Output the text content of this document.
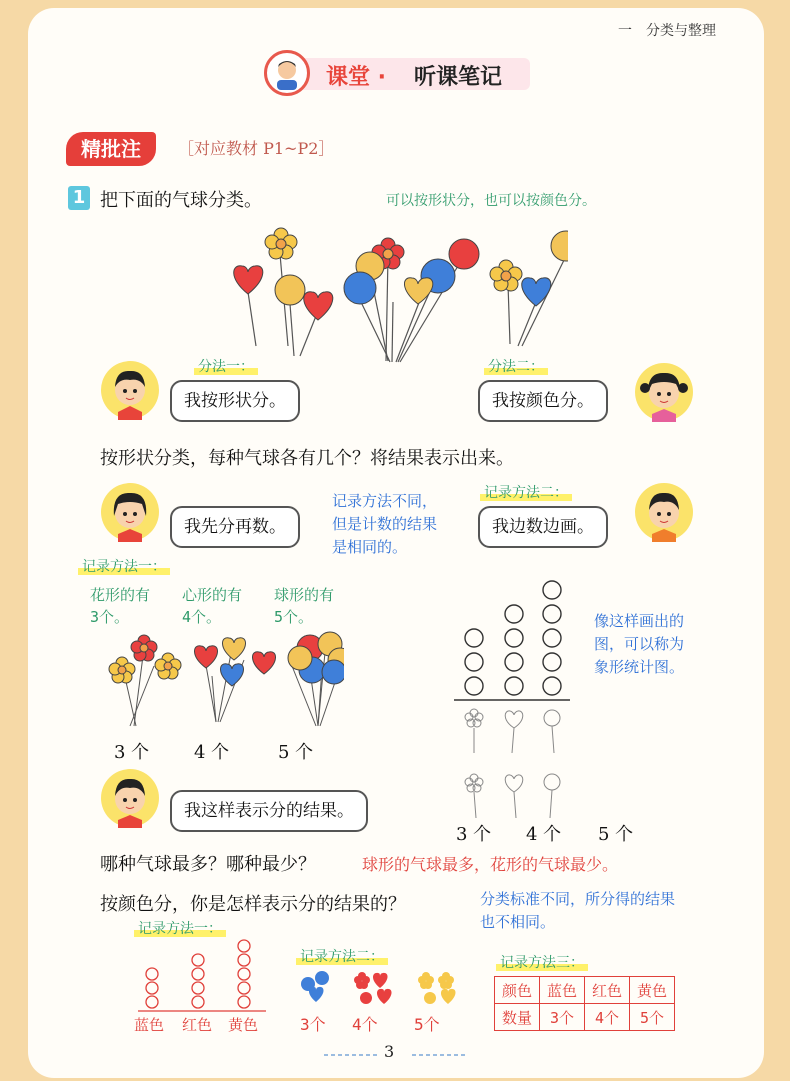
一　分类与整理
课堂 · 听课笔记
精批注	［对应教材 P1~P2］
1 把下面的气球分类。	可以按形状分，也可以按颜色分。
分法一：
我按形状分。
分法二：
我按颜色分。
按形状分类，每种气球各有几个？将结果表示出来。
我先分再数。
记录方法不同，
但是计数的结果
是相同的。
记录方法二：
我边数边画。
记录方法一：
花形的有
3个。
心形的有
4个。
球形的有
5个。
3 个 4 个	5 个
像这样画出的
图，可以称为
象形统计图。
3 个 4 个 5 个
我这样表示分的结果。
哪种气球最多？哪种最少？	球形的气球最多，花形的气球最少。
按颜色分，你是怎样表示分的结果的？	分类标准不同，所分得的结果
也不相同。
记录方法一：
蓝色 红色 黄色
记录方法二：
3个 4个 5个
记录方法三：
颜色	蓝色	红色	黄色
数量	3个	4个	5个
3
